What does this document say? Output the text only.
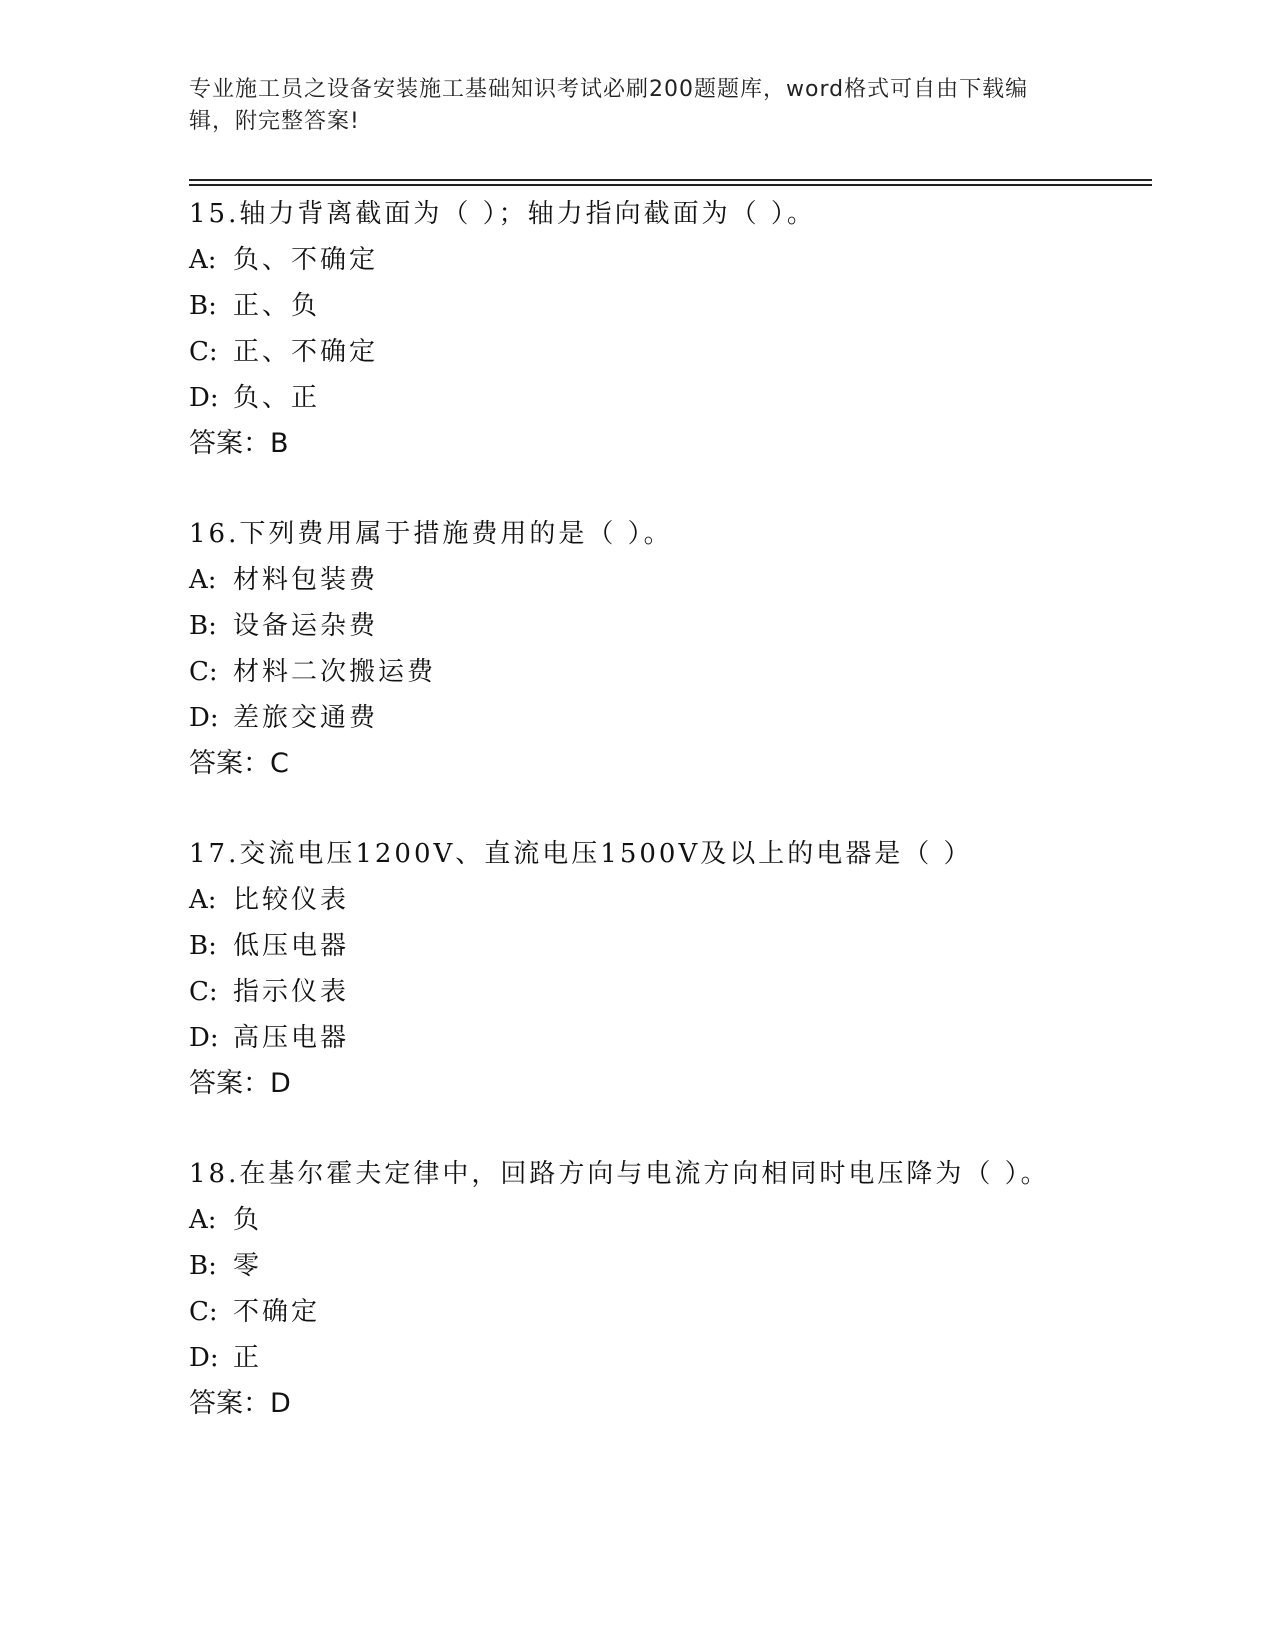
专业施工员之设备安装施工基础知识考试必刷200题题库，word格式可自由下载编辑，附完整答案!
15.轴力背离截面为（ ）；轴力指向截面为（ ）。
A: 负、不确定
B: 正、负
C: 正、不确定
D: 负、正
答案：B
16.下列费用属于措施费用的是（ ）。
A: 材料包装费
B: 设备运杂费
C: 材料二次搬运费
D: 差旅交通费
答案：C
17.交流电压1200V、直流电压1500V及以上的电器是（ ）
A: 比较仪表
B: 低压电器
C: 指示仪表
D: 高压电器
答案：D
18.在基尔霍夫定律中，回路方向与电流方向相同时电压降为（ ）。
A: 负
B: 零
C: 不确定
D: 正
答案：D
